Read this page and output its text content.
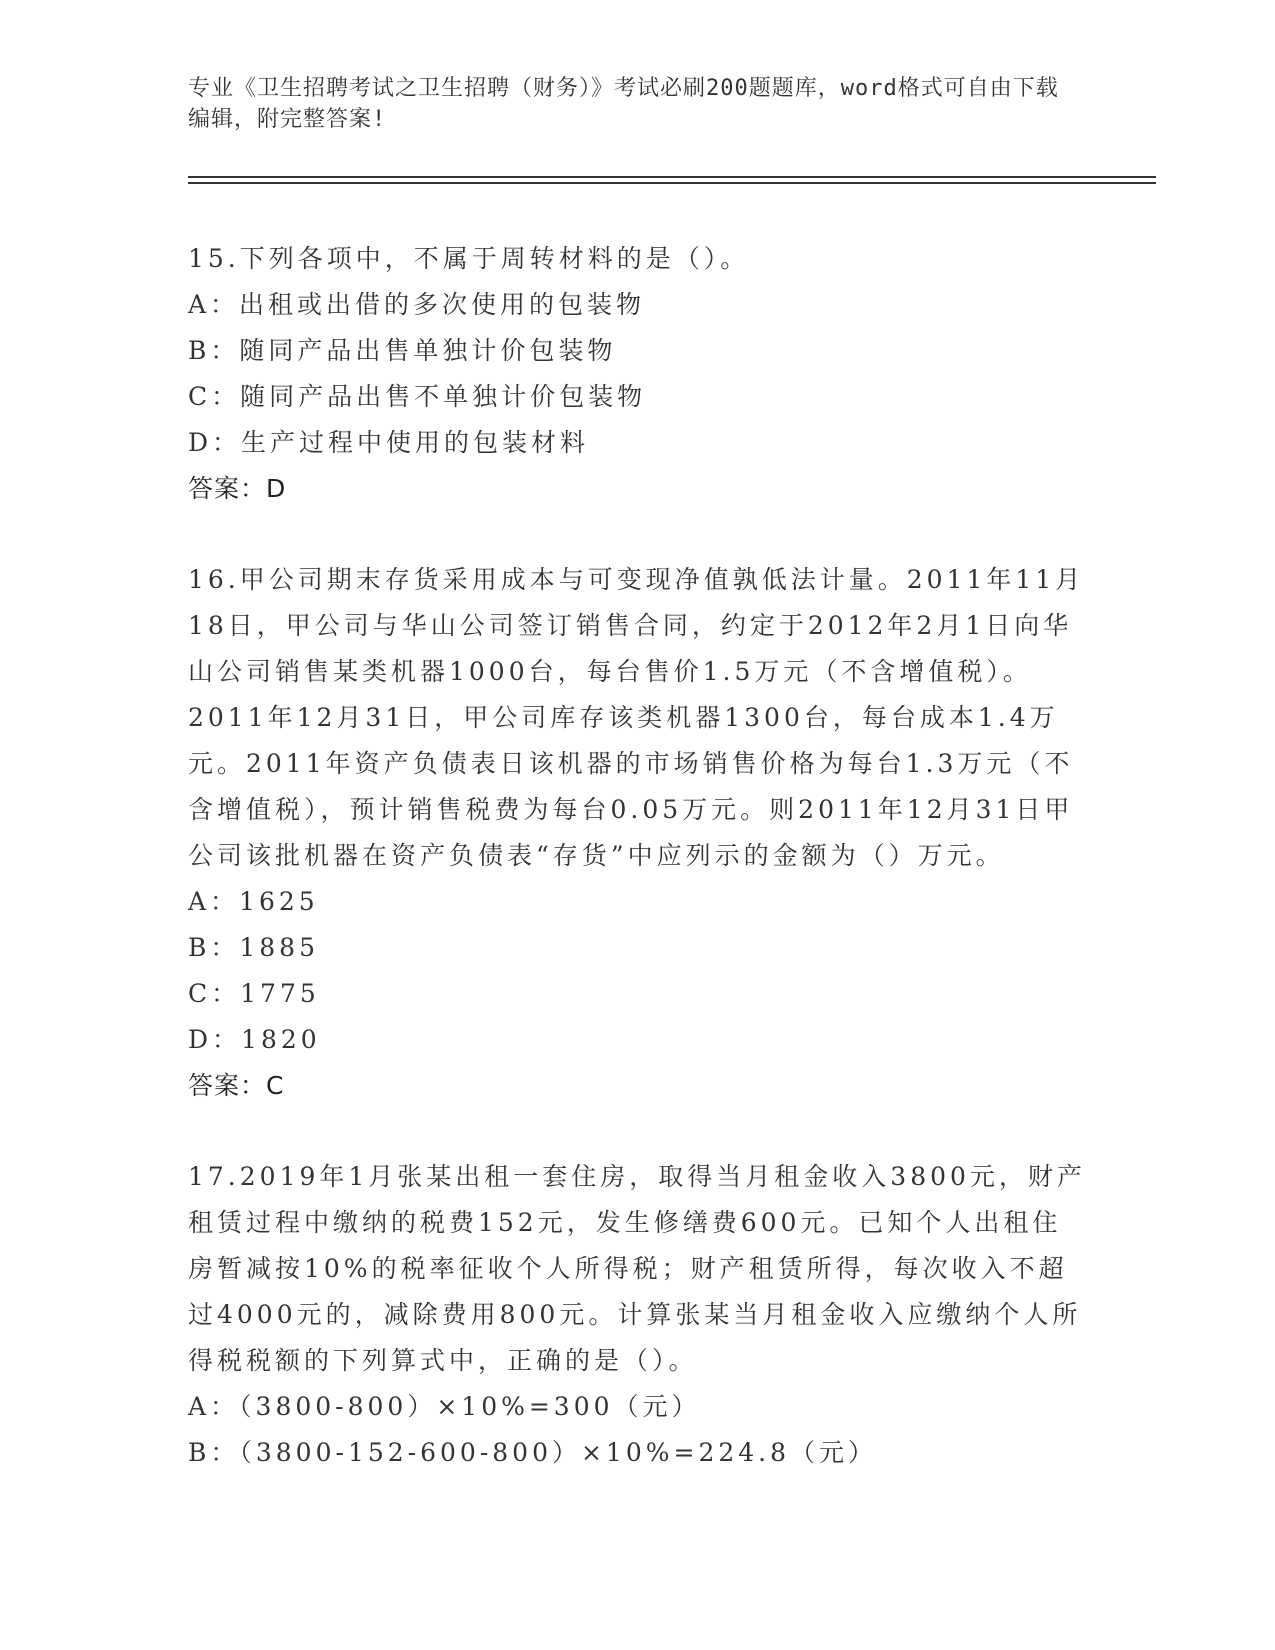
专业《卫生招聘考试之卫生招聘（财务）》考试必刷200题题库，word格式可自由下载编辑，附完整答案!
15.下列各项中，不属于周转材料的是（）。
A：出租或出借的多次使用的包装物
B：随同产品出售单独计价包装物
C：随同产品出售不单独计价包装物
D：生产过程中使用的包装材料
答案：D
16.甲公司期末存货采用成本与可变现净值孰低法计量。2011年11月18日，甲公司与华山公司签订销售合同，约定于2012年2月1日向华山公司销售某类机器1000台，每台售价1.5万元（不含增值税）。2011年12月31日，甲公司库存该类机器1300台，每台成本1.4万元。2011年资产负债表日该机器的市场销售价格为每台1.3万元（不含增值税），预计销售税费为每台0.05万元。则2011年12月31日甲公司该批机器在资产负债表“存货”中应列示的金额为（）万元。
A：1625
B：1885
C：1775
D：1820
答案：C
17.2019年1月张某出租一套住房，取得当月租金收入3800元，财产租赁过程中缴纳的税费152元，发生修缮费600元。已知个人出租住房暂减按10%的税率征收个人所得税；财产租赁所得，每次收入不超过4000元的，减除费用800元。计算张某当月租金收入应缴纳个人所得税税额的下列算式中，正确的是（）。
A：（3800-800）×10%=300（元）
B：（3800-152-600-800）×10%=224.8（元）
